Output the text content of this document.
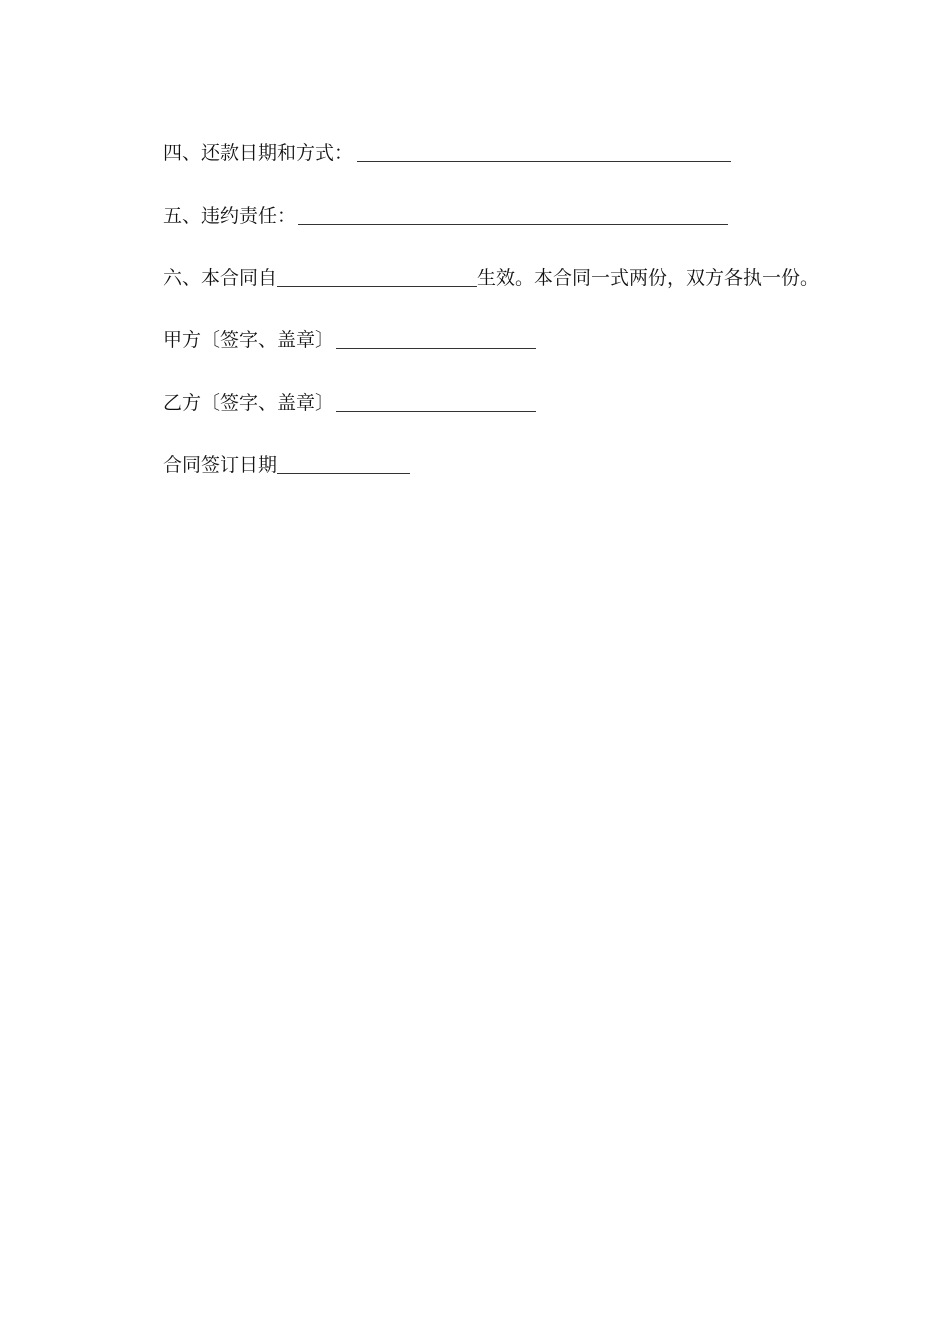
四、还款日期和方式：
五、违约责任：
六、本合同自	生效。本合同一式两份，双方各执一份。
甲方〔签字、盖章〕
乙方〔签字、盖章〕
合同签订日期
